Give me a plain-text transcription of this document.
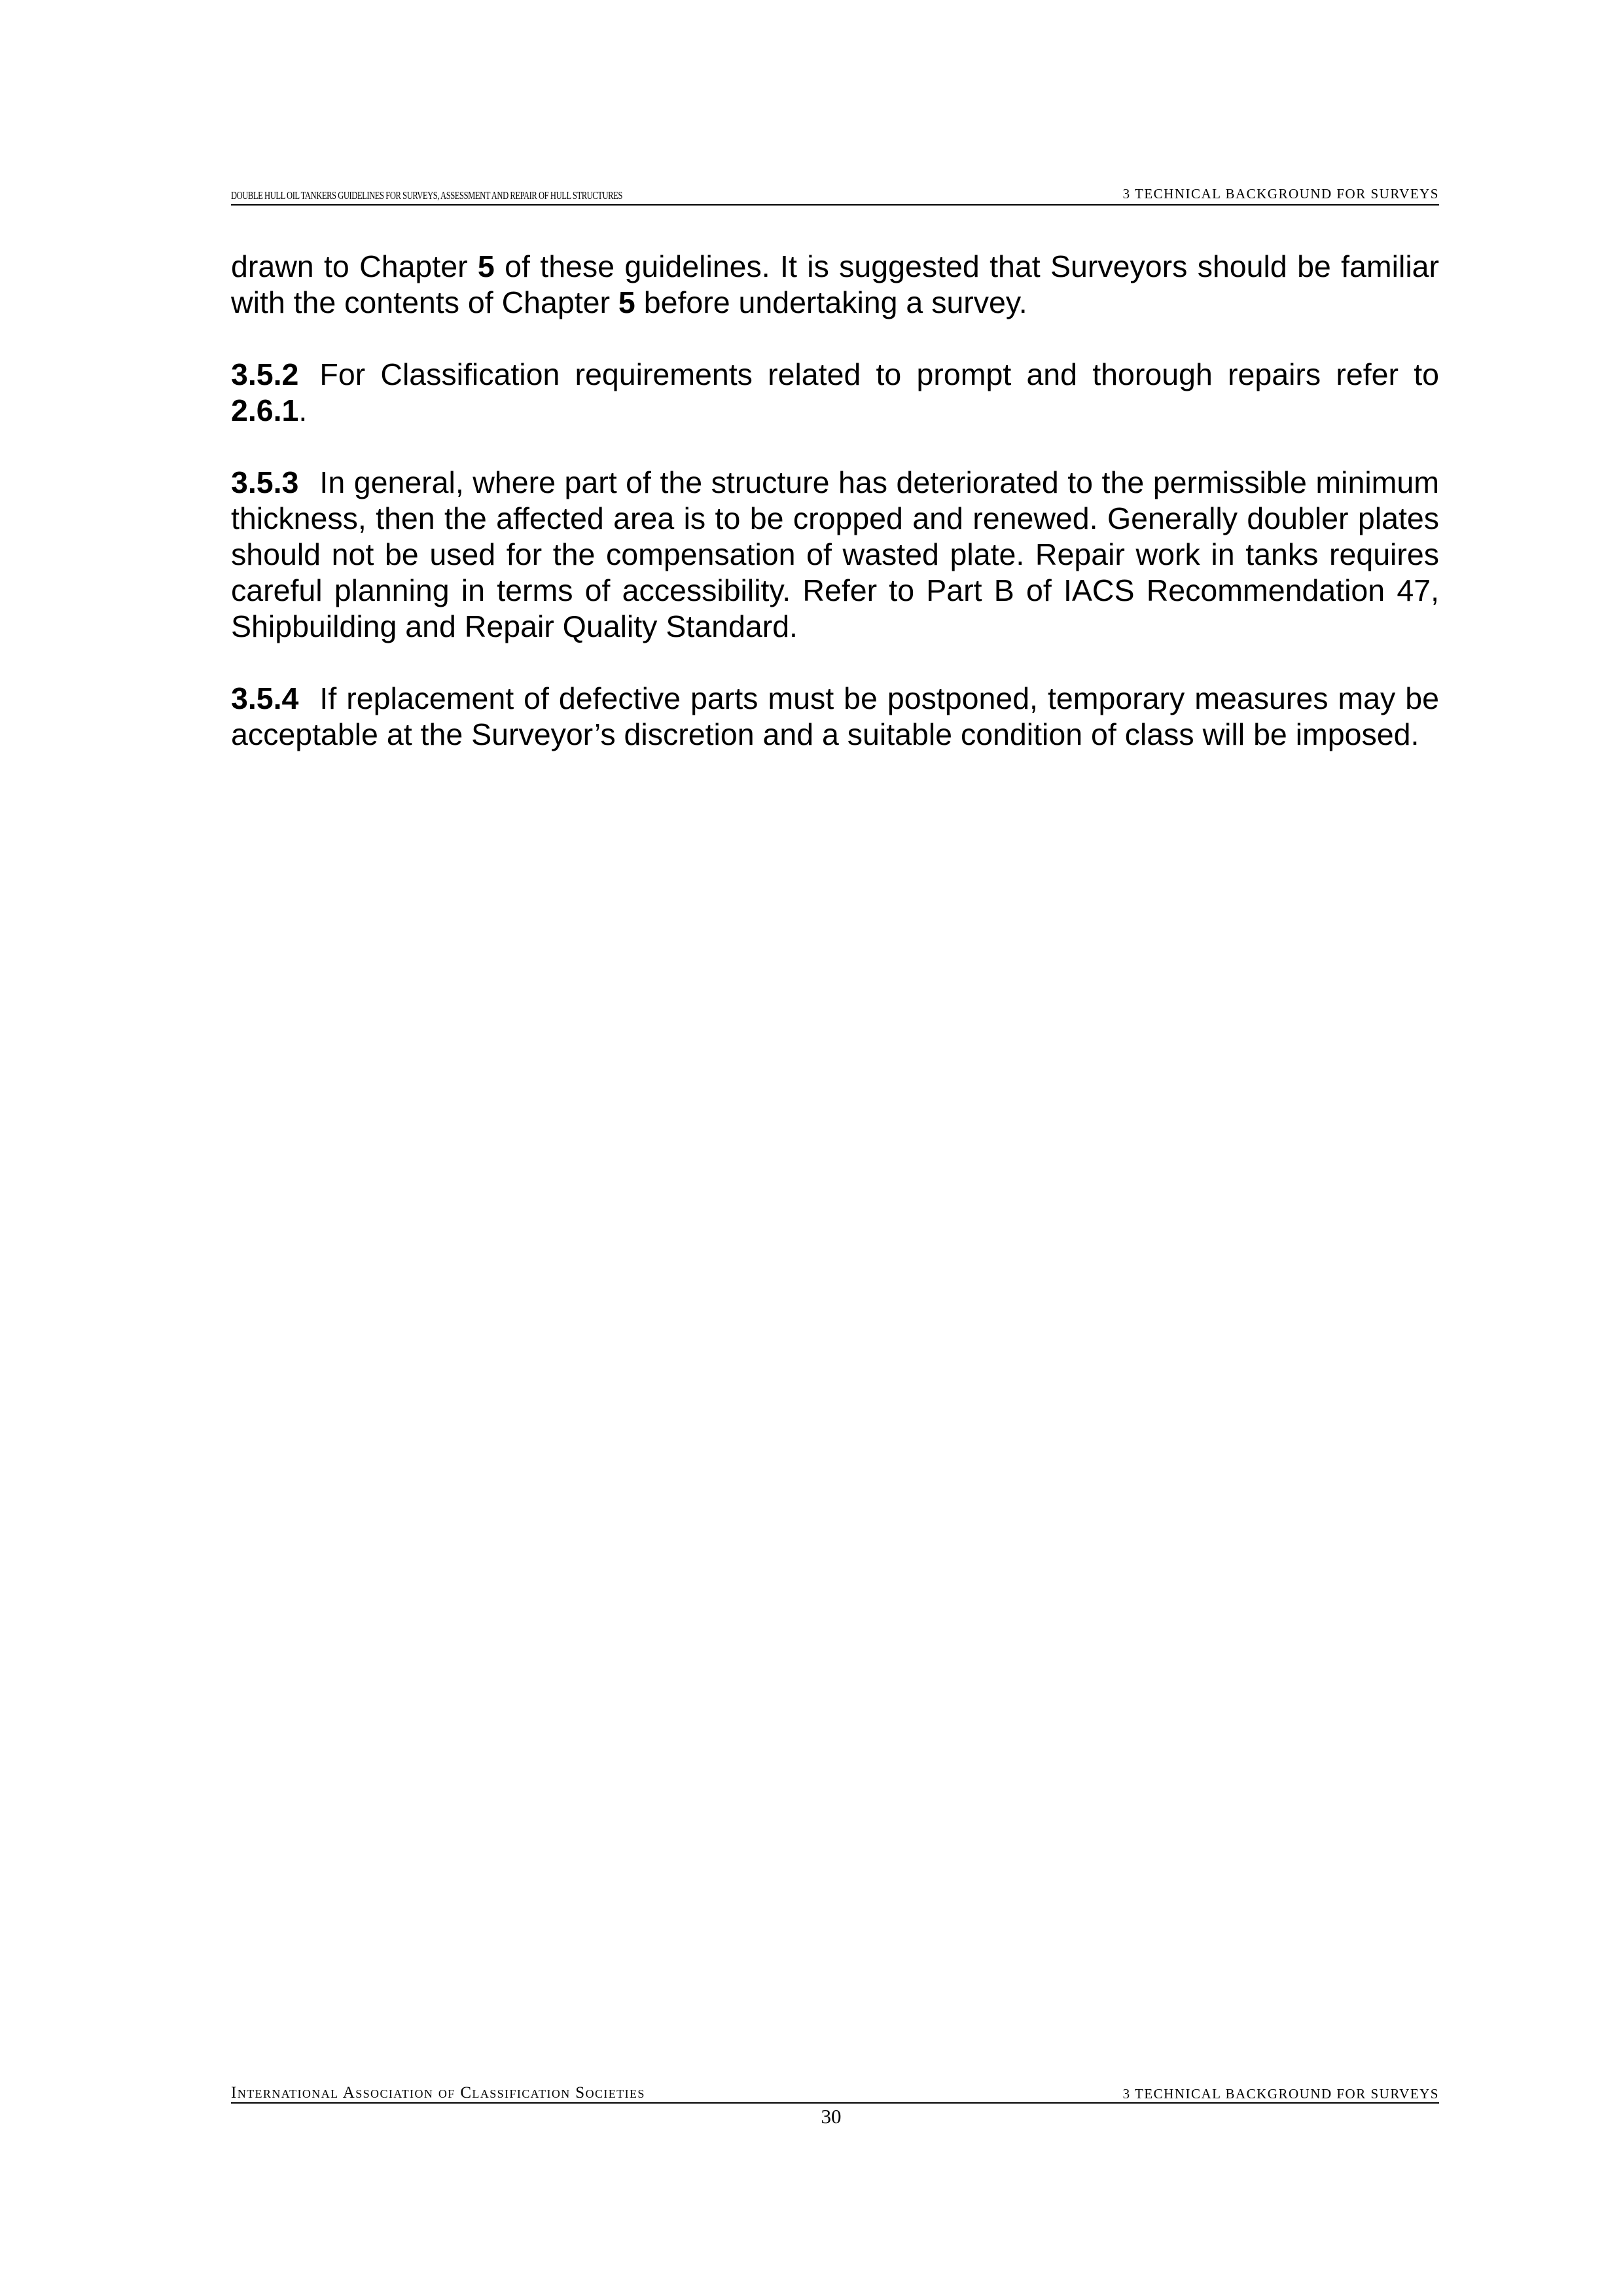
DOUBLE HULL OIL TANKERS GUIDELINES FOR SURVEYS, ASSESSMENT AND REPAIR OF HULL STRUCTURES	3 TECHNICAL BACKGROUND FOR SURVEYS

drawn to Chapter 5 of these guidelines. It is suggested that Surveyors should be familiar with the contents of Chapter 5 before undertaking a survey.

3.5.2 For Classification requirements related to prompt and thorough repairs refer to 2.6.1.

3.5.3 In general, where part of the structure has deteriorated to the permissible minimum thickness, then the affected area is to be cropped and renewed. Generally doubler plates should not be used for the compensation of wasted plate. Repair work in tanks requires careful planning in terms of accessibility. Refer to Part B of IACS Recommendation 47, Shipbuilding and Repair Quality Standard.

3.5.4 If replacement of defective parts must be postponed, temporary measures may be acceptable at the Surveyor’s discretion and a suitable condition of class will be imposed.

International Association of Classification Societies	3 TECHNICAL BACKGROUND FOR SURVEYS
30
